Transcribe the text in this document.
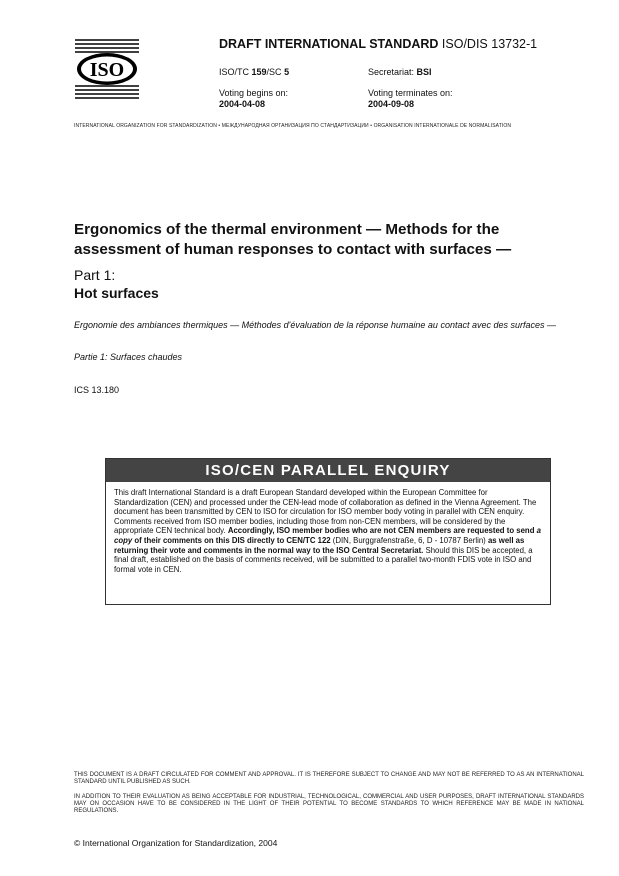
ISO
DRAFT INTERNATIONAL STANDARD ISO/DIS 13732-1
ISO/TC 159/SC 5	Secretariat: BSI
Voting begins on:
2004-04-08
Voting terminates on:
2004-09-08
INTERNATIONAL ORGANIZATION FOR STANDARDIZATION • МЕЖДУНАРОДНАЯ ОРГАНИЗАЦИЯ ПО СТАНДАРТИЗАЦИИ • ORGANISATION INTERNATIONALE DE NORMALISATION
Ergonomics of the thermal environment — Methods for the
assessment of human responses to contact with surfaces —
Part 1:
Hot surfaces
Ergonomie des ambiances thermiques — Méthodes d'évaluation de la réponse humaine au contact avec des surfaces —
Partie 1: Surfaces chaudes
ICS 13.180
ISO/CEN PARALLEL ENQUIRY
This draft International Standard is a draft European Standard developed within the European Committee for Standardization (CEN) and processed under the CEN-lead mode of collaboration as defined in the Vienna Agreement. The document has been transmitted by CEN to ISO for circulation for ISO member body voting in parallel with CEN enquiry. Comments received from ISO member bodies, including those from non-CEN members, will be considered by the appropriate CEN technical body. Accordingly, ISO member bodies who are not CEN members are requested to send a copy of their comments on this DIS directly to CEN/TC 122 (DIN, Burggrafenstraße, 6, D - 10787 Berlin) as well as returning their vote and comments in the normal way to the ISO Central Secretariat. Should this DIS be accepted, a final draft, established on the basis of comments received, will be submitted to a parallel two-month FDIS vote in ISO and formal vote in CEN.
THIS DOCUMENT IS A DRAFT CIRCULATED FOR COMMENT AND APPROVAL. IT IS THEREFORE SUBJECT TO CHANGE AND MAY NOT BE REFERRED TO AS AN INTERNATIONAL STANDARD UNTIL PUBLISHED AS SUCH.
IN ADDITION TO THEIR EVALUATION AS BEING ACCEPTABLE FOR INDUSTRIAL, TECHNOLOGICAL, COMMERCIAL AND USER PURPOSES, DRAFT INTERNATIONAL STANDARDS MAY ON OCCASION HAVE TO BE CONSIDERED IN THE LIGHT OF THEIR POTENTIAL TO BECOME STANDARDS TO WHICH REFERENCE MAY BE MADE IN NATIONAL REGULATIONS.
© International Organization for Standardization, 2004
